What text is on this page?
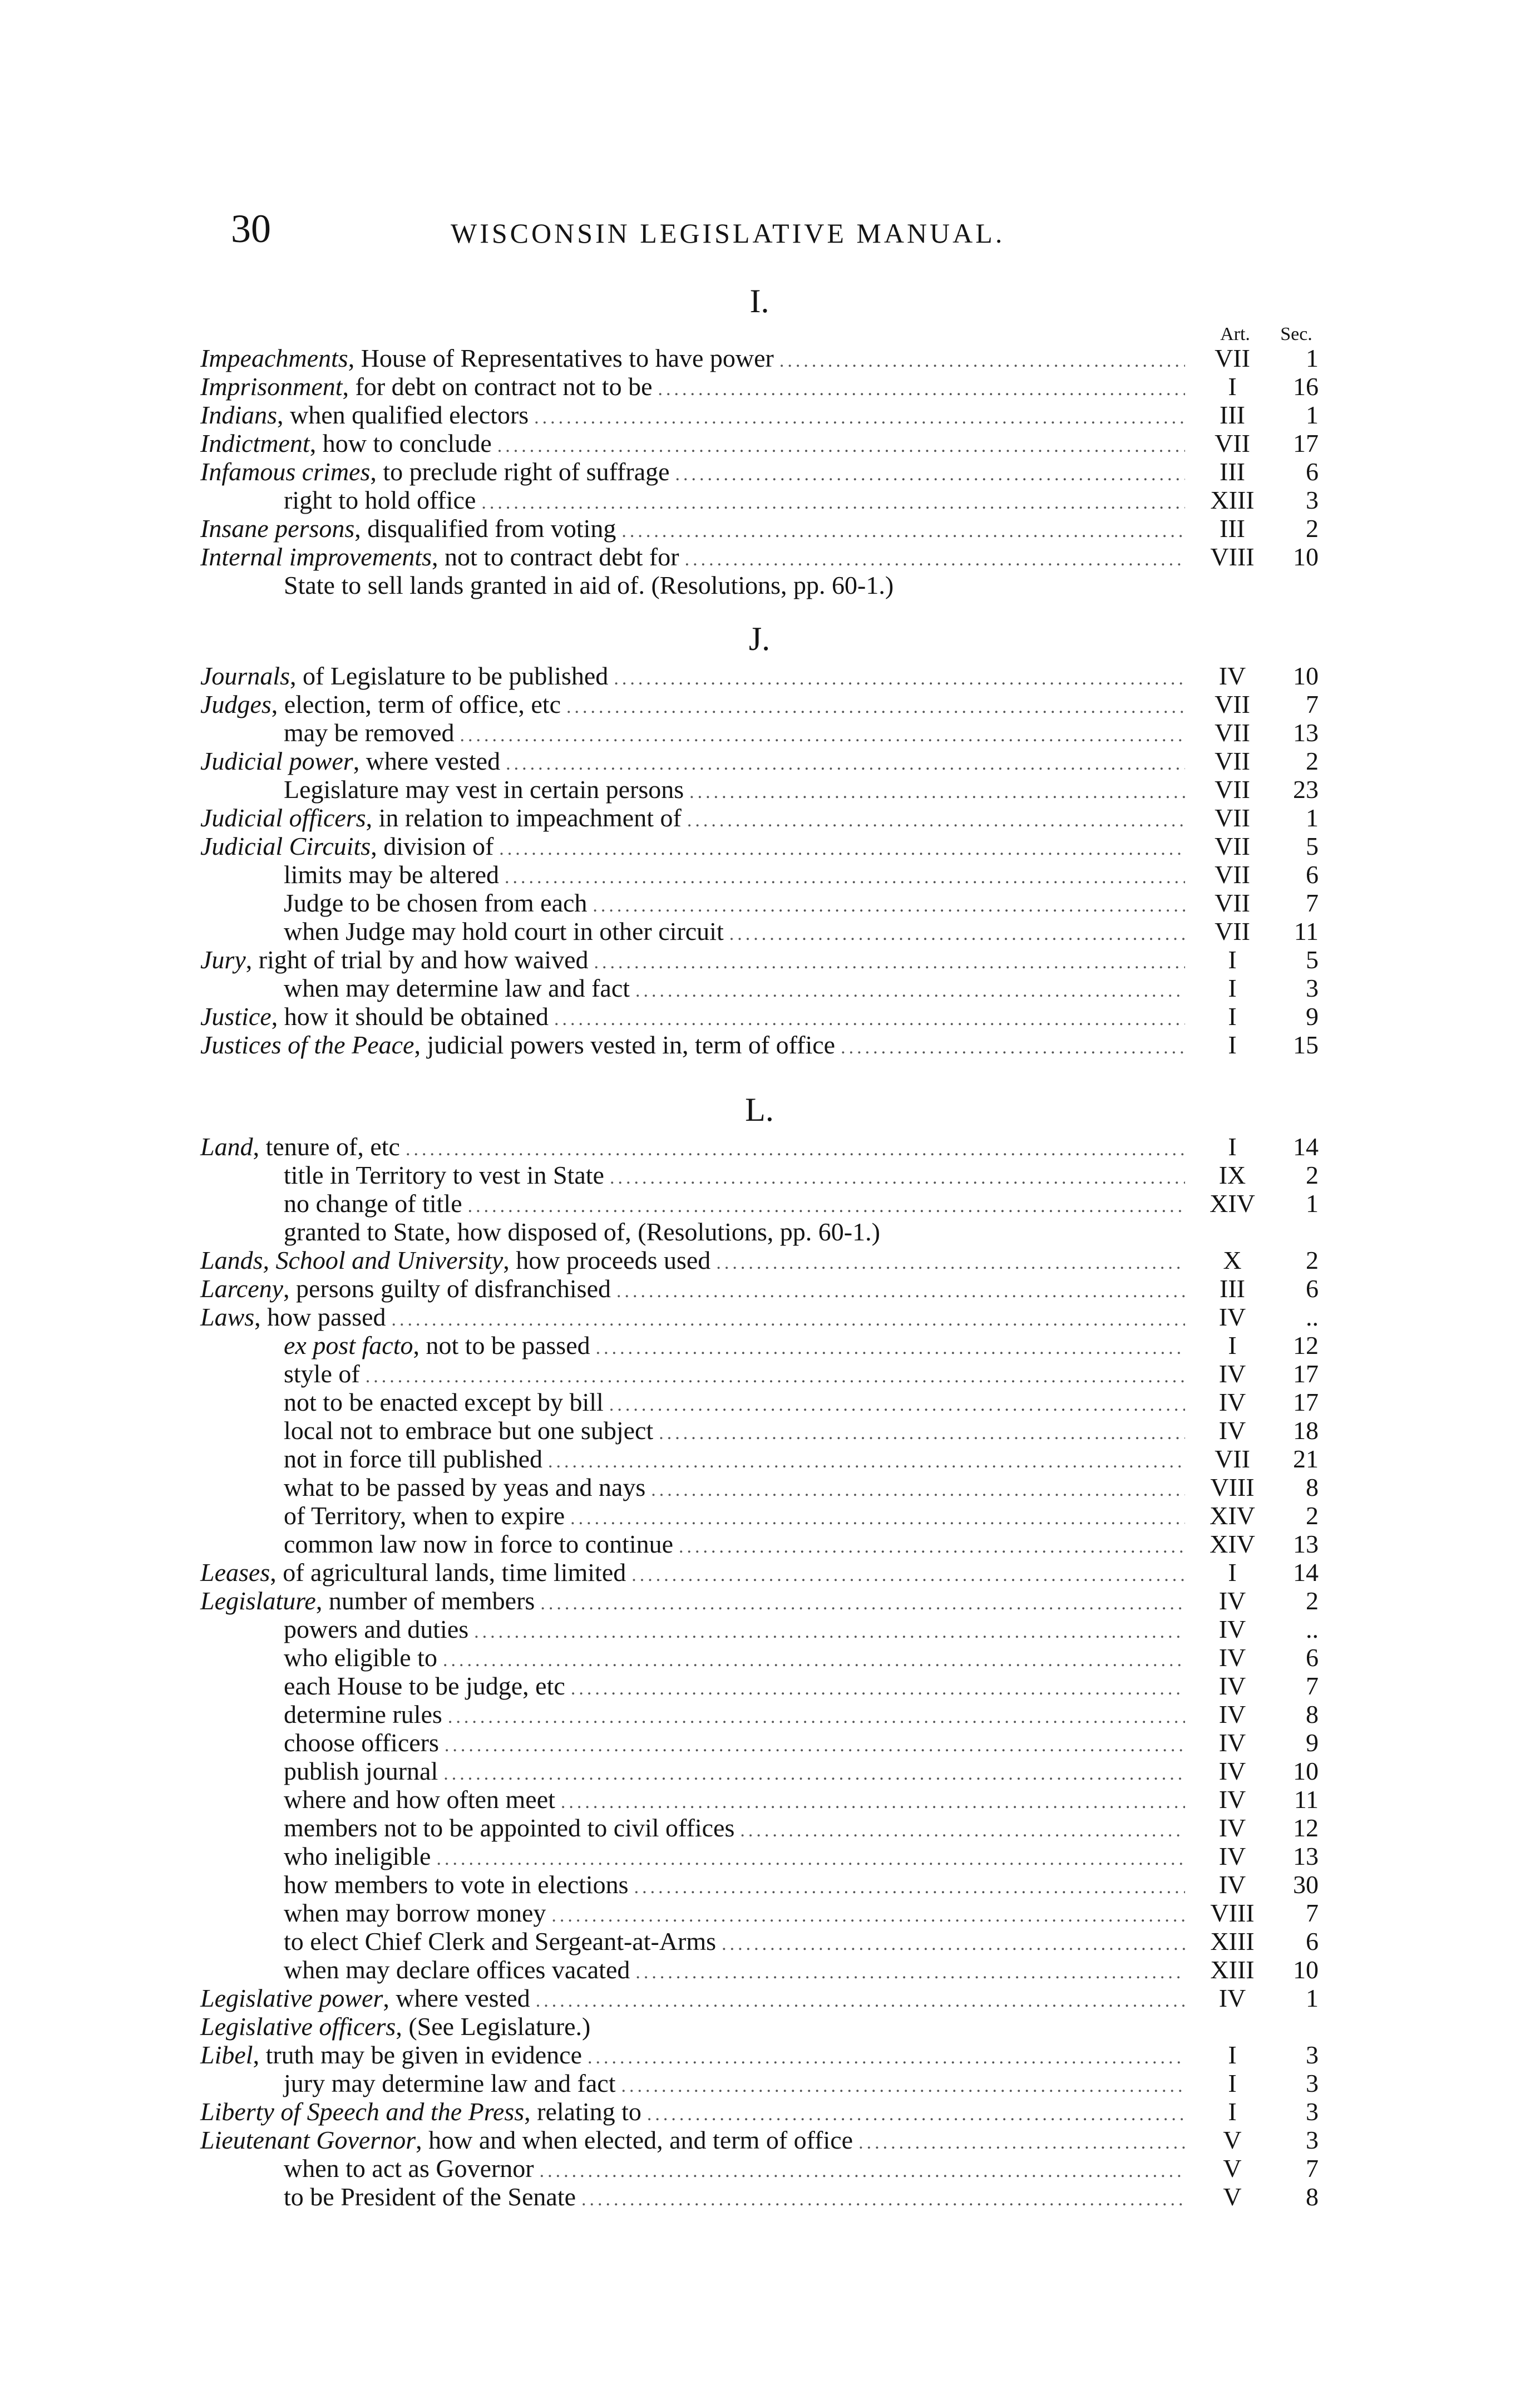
30	WISCONSIN LEGISLATIVE MANUAL.
I.
Art.	Sec.
Impeachments, House of Representatives to have power .....	VII	1
Imprisonment, for debt on contract not to be .....	I	16
Indians, when qualified electors .....	III	1
Indictment, how to conclude .....	VII	17
Infamous crimes, to preclude right of suffrage .....	III	6
right to hold office .....	XIII	3
Insane persons, disqualified from voting .....	III	2
Internal improvements, not to contract debt for .....	VIII	10
State to sell lands granted in aid of. (Resolutions, pp. 60-1.)
J.
Journals, of Legislature to be published .....	IV	10
Judges, election, term of office, etc .....	VII	7
may be removed .....	VII	13
Judicial power, where vested .....	VII	2
Legislature may vest in certain persons .....	VII	23
Judicial officers, in relation to impeachment of .....	VII	1
Judicial Circuits, division of .....	VII	5
limits may be altered .....	VII	6
Judge to be chosen from each .....	VII	7
when Judge may hold court in other circuit .....	VII	11
Jury, right of trial by and how waived .....	I	5
when may determine law and fact .....	I	3
Justice, how it should be obtained .....	I	9
Justices of the Peace, judicial powers vested in, term of office .....	I	15
L.
Land, tenure of, etc .....	I	14
title in Territory to vest in State .....	IX	2
no change of title .....	XIV	1
granted to State, how disposed of, (Resolutions, pp. 60-1.)
Lands, School and University, how proceeds used .....	X	2
Larceny, persons guilty of disfranchised .....	III	6
Laws, how passed .....	IV	..
ex post facto, not to be passed .....	I	12
style of .....	IV	17
not to be enacted except by bill .....	IV	17
local not to embrace but one subject .....	IV	18
not in force till published .....	VII	21
what to be passed by yeas and nays .....	VIII	8
of Territory, when to expire .....	XIV	2
common law now in force to continue .....	XIV	13
Leases, of agricultural lands, time limited .....	I	14
Legislature, number of members .....	IV	2
powers and duties .....	IV	..
who eligible to .....	IV	6
each House to be judge, etc .....	IV	7
determine rules .....	IV	8
choose officers .....	IV	9
publish journal .....	IV	10
where and how often meet .....	IV	11
members not to be appointed to civil offices .....	IV	12
who ineligible .....	IV	13
how members to vote in elections .....	IV	30
when may borrow money .....	VIII	7
to elect Chief Clerk and Sergeant-at-Arms .....	XIII	6
when may declare offices vacated .....	XIII	10
Legislative power, where vested .....	IV	1
Legislative officers, (See Legislature.)
Libel, truth may be given in evidence .....	I	3
jury may determine law and fact .....	I	3
Liberty of Speech and the Press, relating to .....	I	3
Lieutenant Governor, how and when elected, and term of office .....	V	3
when to act as Governor .....	V	7
to be President of the Senate .....	V	8
